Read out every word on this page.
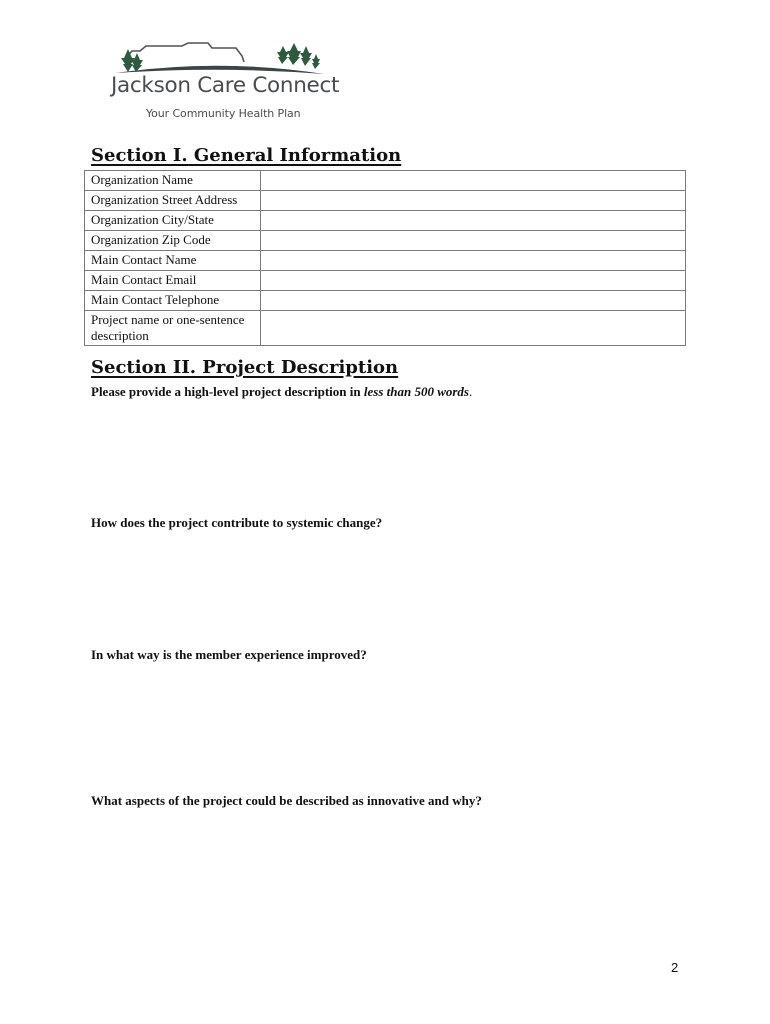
Jackson Care Connect
Your Community Health Plan
Section I. General Information
Organization Name	
Organization Street Address	
Organization City/State	
Organization Zip Code	
Main Contact Name	
Main Contact Email	
Main Contact Telephone	
Project name or one-sentence description	
Section II. Project Description

Please provide a high-level project description in less than 500 words.

How does the project contribute to systemic change?

In what way is the member experience improved?

What aspects of the project could be described as innovative and why?

2
